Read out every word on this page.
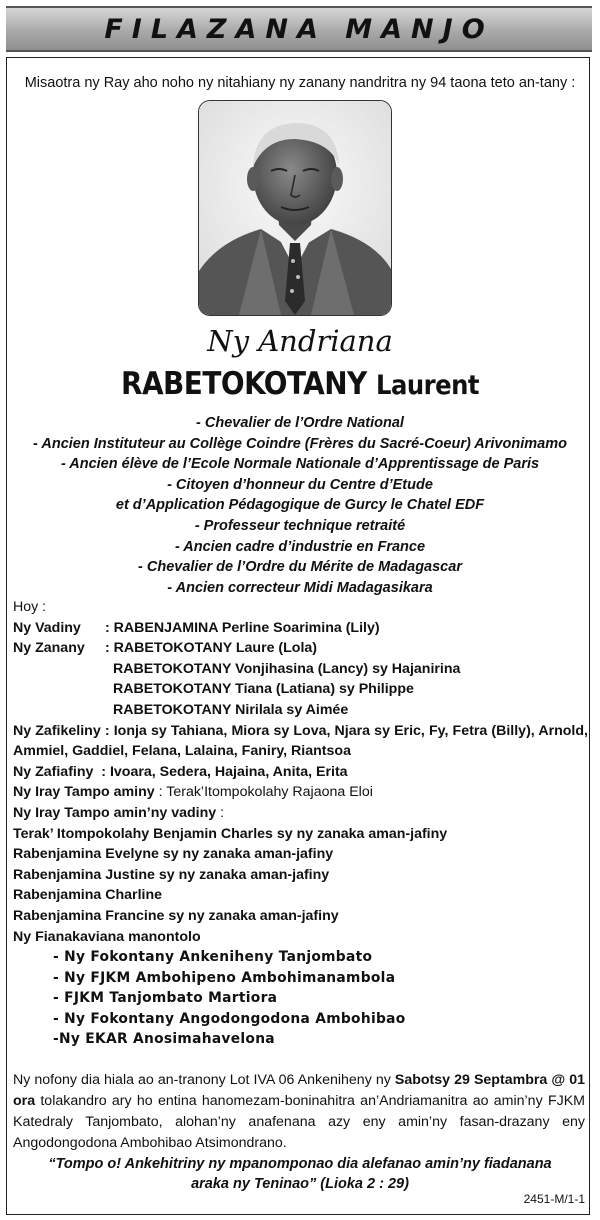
FILAZANA MANJO
Misaotra ny Ray aho noho ny nitahiany ny zanany nandritra ny 94 taona teto an-tany :
Ny Andriana
RABETOKOTANY Laurent
- Chevalier de l’Ordre National
- Ancien Instituteur au Collège Coindre (Frères du Sacré-Coeur) Arivonimamo
- Ancien élève de l’Ecole Normale Nationale d’Apprentissage de Paris
- Citoyen d’honneur du Centre d’Etude
et d’Application Pédagogique de Gurcy le Chatel EDF
- Professeur technique retraité
- Ancien cadre d’industrie en France
- Chevalier de l’Ordre du Mérite de Madagascar
- Ancien correcteur Midi Madagasikara
Hoy :
Ny Vadiny	: RABENJAMINA Perline Soarimina (Lily)
Ny Zanany	: RABETOKOTANY Laure (Lola)
RABETOKOTANY Vonjihasina (Lancy) sy Hajanirina
RABETOKOTANY Tiana (Latiana) sy Philippe
RABETOKOTANY Nirilala sy Aimée
Ny Zafikeliny : Ionja sy Tahiana, Miora sy Lova, Njara sy Eric, Fy, Fetra (Billy), Arnold, Ammiel, Gaddiel, Felana, Lalaina, Faniry, Riantsoa
Ny Zafiafiny : Ivoara, Sedera, Hajaina, Anita, Erita
Ny Iray Tampo aminy : Terak’Itompokolahy Rajaona Eloi
Ny Iray Tampo amin’ny vadiny :
Terak’ Itompokolahy Benjamin Charles sy ny zanaka aman-jafiny
Rabenjamina Evelyne sy ny zanaka aman-jafiny
Rabenjamina Justine sy ny zanaka aman-jafiny
Rabenjamina Charline
Rabenjamina Francine sy ny zanaka aman-jafiny
Ny Fianakaviana manontolo
- Ny Fokontany Ankeniheny Tanjombato
- Ny FJKM Ambohipeno Ambohimanambola
- FJKM Tanjombato Martiora
- Ny Fokontany Angodongodona Ambohibao
-Ny EKAR Anosimahavelona
Ny nofony dia hiala ao an-tranony Lot IVA 06 Ankeniheny ny Sabotsy 29 Septambra @ 01 ora tolakandro ary ho entina hanomezam-boninahitra an’Andriamanitra ao amin’ny FJKM Katedraly Tanjombato, alohan’ny anafenana azy eny amin’ny fasan-drazany eny Angodongodona Ambohibao Atsimondrano.
“Tompo o! Ankehitriny ny mpanomponao dia alefanao amin’ny fiadanana
araka ny Teninao” (Lioka 2 : 29)
2451-M/1-1
